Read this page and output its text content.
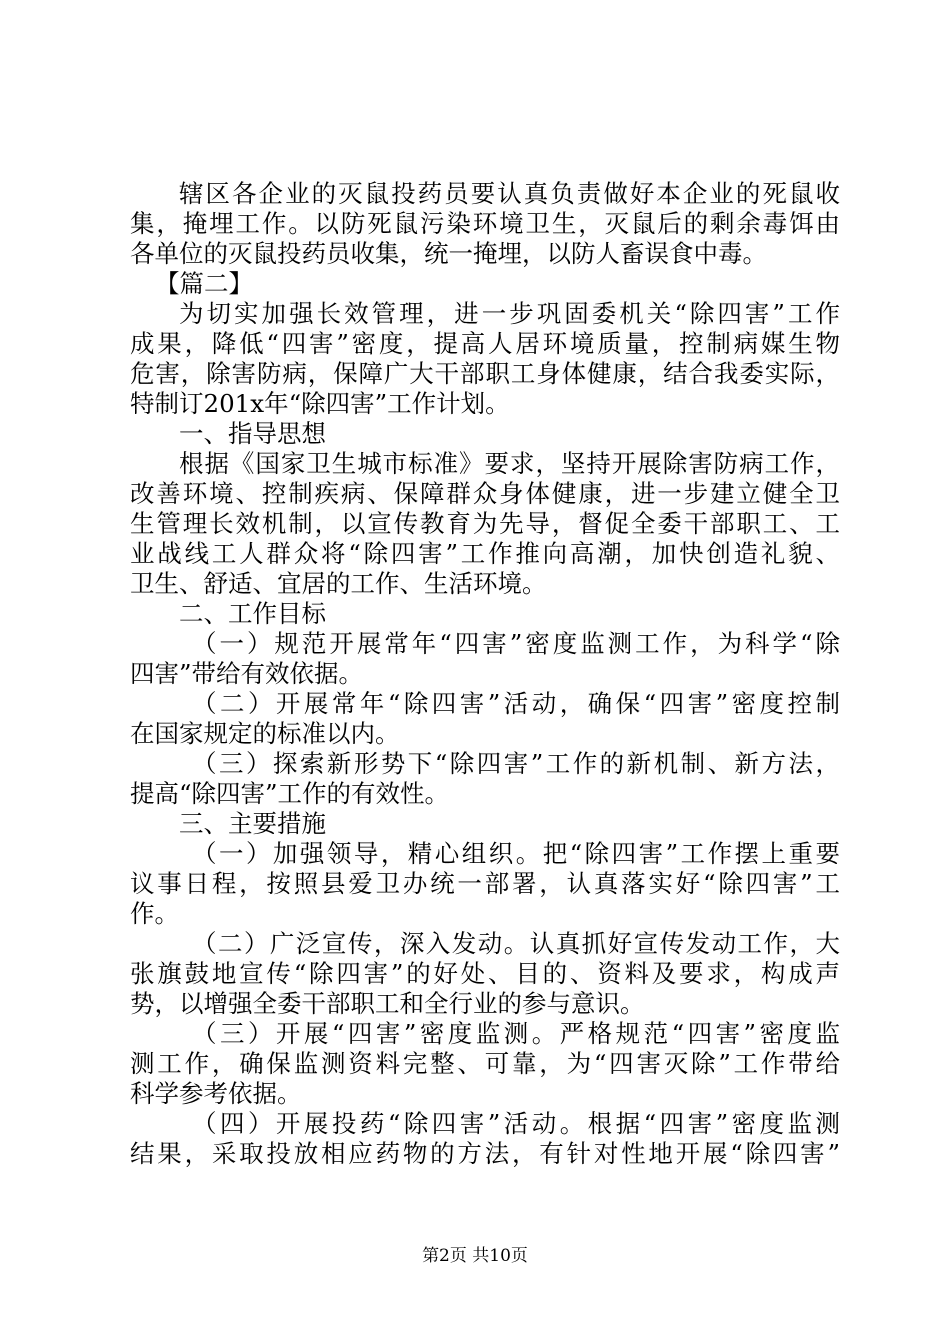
辖区各企业的灭鼠投药员要认真负责做好本企业的死鼠收
集，掩埋工作。以防死鼠污染环境卫生，灭鼠后的剩余毒饵由
各单位的灭鼠投药员收集，统一掩埋，以防人畜误食中毒。
【篇二】
为切实加强长效管理，进一步巩固委机关“除四害”工作
成果，降低“四害”密度，提高人居环境质量，控制病媒生物
危害，除害防病，保障广大干部职工身体健康，结合我委实际，
特制订201x年“除四害”工作计划。
一、指导思想
根据《国家卫生城市标准》要求，坚持开展除害防病工作，
改善环境、控制疾病、保障群众身体健康，进一步建立健全卫
生管理长效机制，以宣传教育为先导，督促全委干部职工、工
业战线工人群众将“除四害”工作推向高潮，加快创造礼貌、
卫生、舒适、宜居的工作、生活环境。
二、工作目标
（一）规范开展常年“四害”密度监测工作，为科学“除
四害”带给有效依据。
（二）开展常年“除四害”活动，确保“四害”密度控制
在国家规定的标准以内。
（三）探索新形势下“除四害”工作的新机制、新方法，
提高“除四害”工作的有效性。
三、主要措施
（一）加强领导，精心组织。把“除四害”工作摆上重要
议事日程，按照县爱卫办统一部署，认真落实好“除四害”工
作。
（二）广泛宣传，深入发动。认真抓好宣传发动工作，大
张旗鼓地宣传“除四害”的好处、目的、资料及要求，构成声
势，以增强全委干部职工和全行业的参与意识。
（三）开展“四害”密度监测。严格规范“四害”密度监
测工作，确保监测资料完整、可靠，为“四害灭除”工作带给
科学参考依据。
（四）开展投药“除四害”活动。根据“四害”密度监测
结果，采取投放相应药物的方法，有针对性地开展“除四害”
第2页 共10页
